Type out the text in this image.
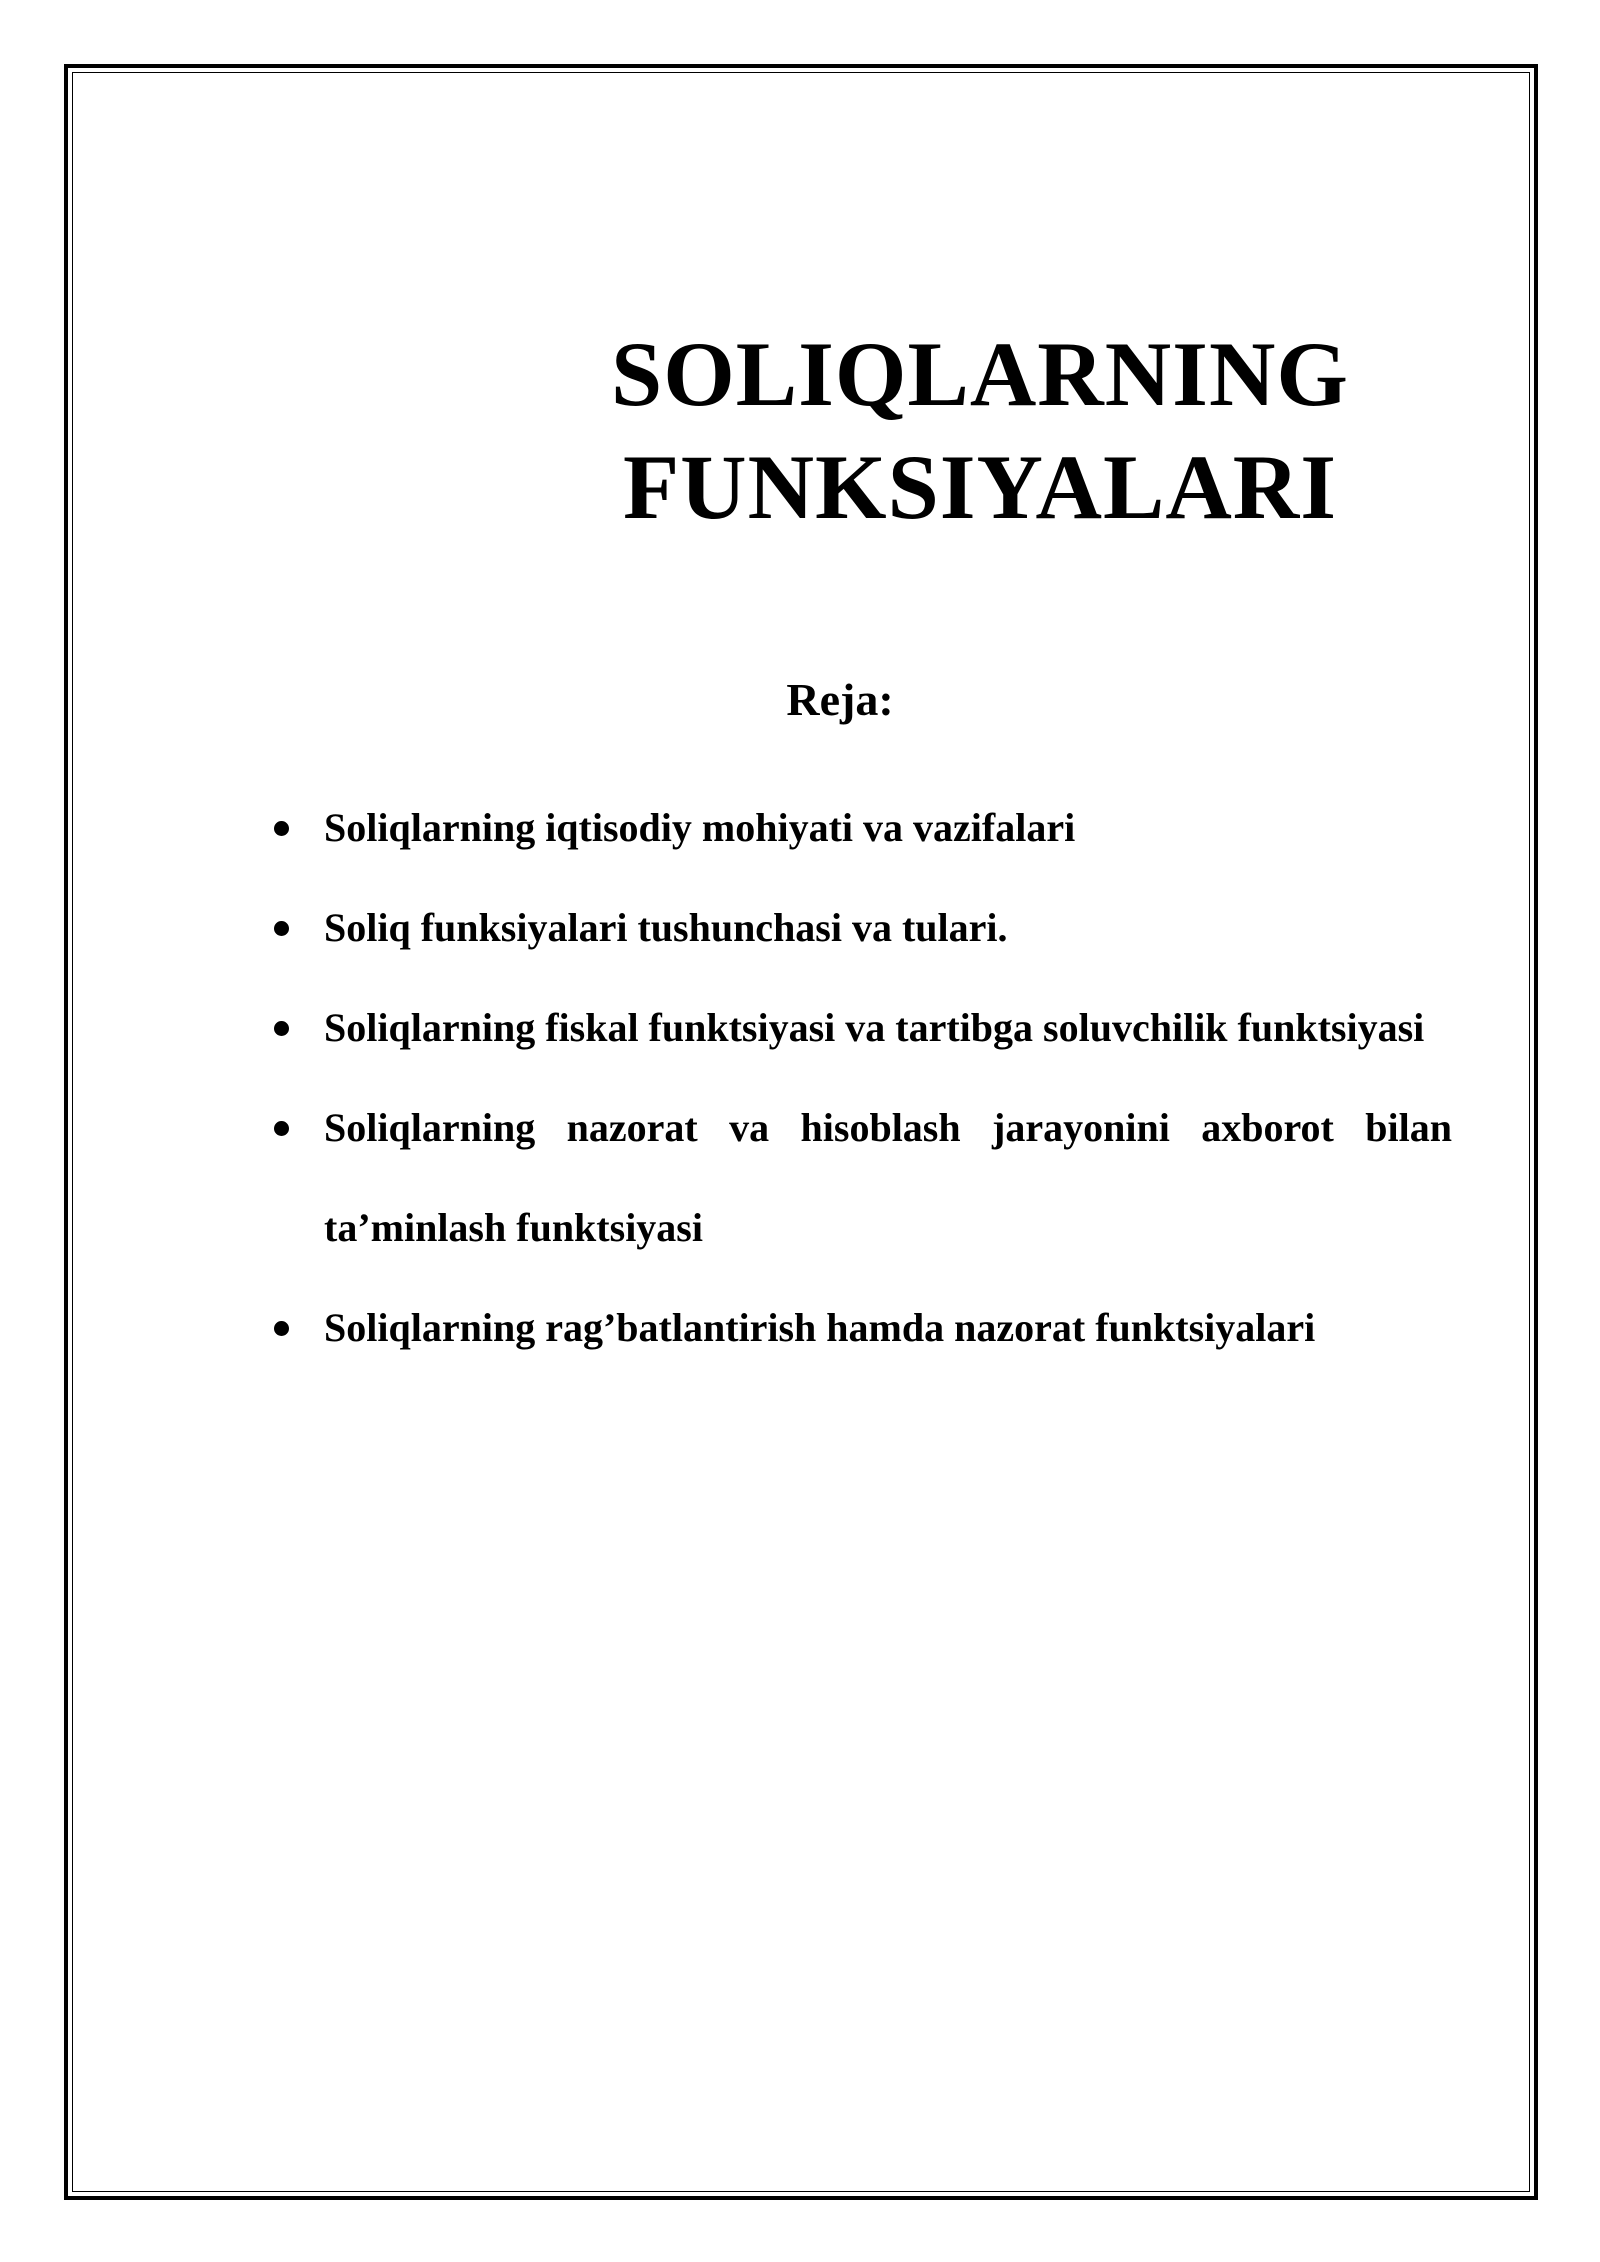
SOLIQLARNING
FUNKSIYALARI
Reja:
Soliqlarning iqtisodiy mohiyati va vazifalari
Soliq funksiyalari tushunchasi va tulari.
Soliqlarning fiskal funktsiyasi va tartibga soluvchilik funktsiyasi
Soliqlarning nazorat va hisoblash jarayonini axborot bilan ta’minlash funktsiyasi
Soliqlarning rag’batlantirish hamda nazorat funktsiyalari
